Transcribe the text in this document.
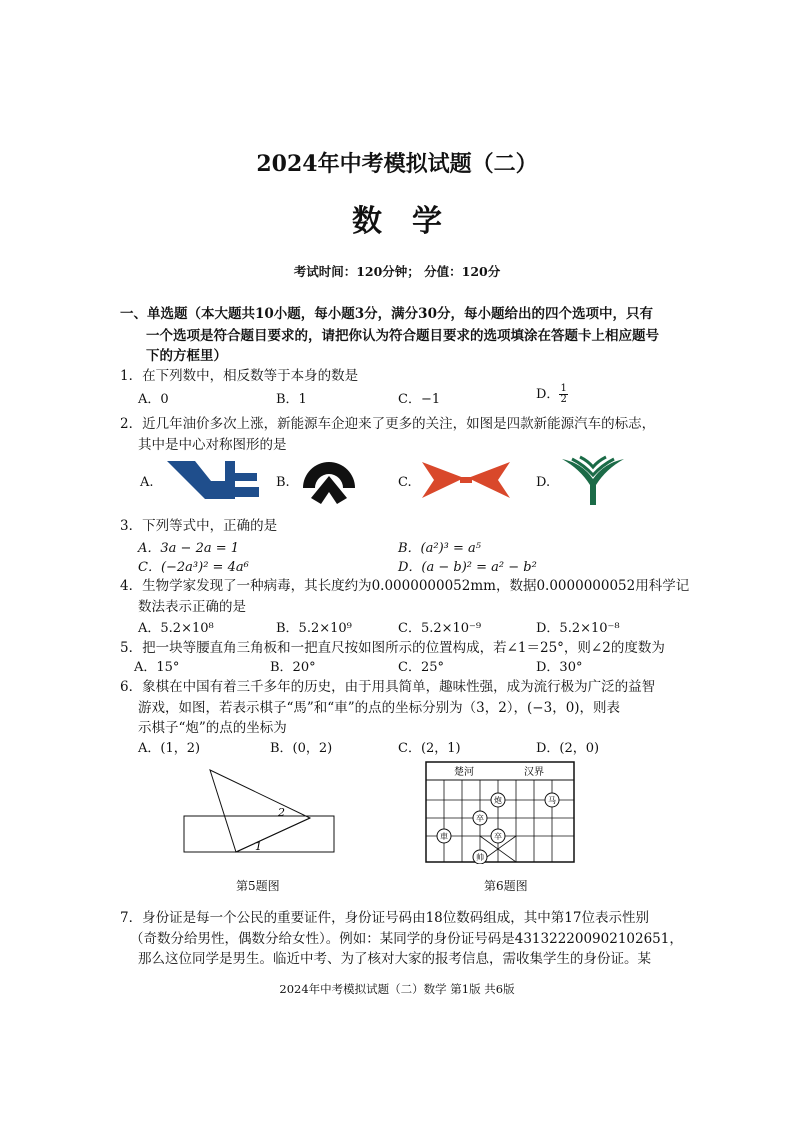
2024年中考模拟试题（二）
数学
考试时间：120分钟； 分值：120分
一、单选题（本大题共10小题，每小题3分，满分30分，每小题给出的四个选项中，只有
一个选项是符合题目要求的，请把你认为符合题目要求的选项填涂在答题卡上相应题号
下的方框里）
1．在下列数中，相反数等于本身的数是
A．0	B．1	C．−1	D． $\frac{1}{2}$
2．近几年油价多次上涨，新能源车企迎来了更多的关注，如图是四款新能源汽车的标志，
其中是中心对称图形的是
A.	B.	C.	D.
3．下列等式中，正确的是
A．3a − 2a = 1	B．(a²)³ = a⁵
C．(−2a³)² = 4a⁶	D．(a − b)² = a² − b²
4．生物学家发现了一种病毒，其长度约为0.0000000052mm，数据0.0000000052用科学记
数法表示正确的是
A．5.2×10⁸	B．5.2×10⁹	C．5.2×10⁻⁹	D．5.2×10⁻⁸
5．把一块等腰直角三角板和一把直尺按如图所示的位置构成，若∠1＝25°，则∠2的度数为
A．15°	B．20°	C．25°	D．30°
6．象棋在中国有着三千多年的历史，由于用具简单，趣味性强，成为流行极为广泛的益智
游戏，如图，若表示棋子“馬”和“車”的点的坐标分别为（3，2），(−3，0)，则表
示棋子“炮”的点的坐标为
A．(1，2)	B．(0，2)	C．(2，1)	D．(2，0)
2
1
第5题图
楚河	汉界
炮	马
卒
卒
車
帅
第6题图
7．身份证是每一个公民的重要证件，身份证号码由18位数码组成，其中第17位表示性别
（奇数分给男性，偶数分给女性）。例如：某同学的身份证号码是431322200902102651，
那么这位同学是男生。临近中考、为了核对大家的报考信息，需收集学生的身份证。某
2024年中考模拟试题（二）数学 第1版 共6版
